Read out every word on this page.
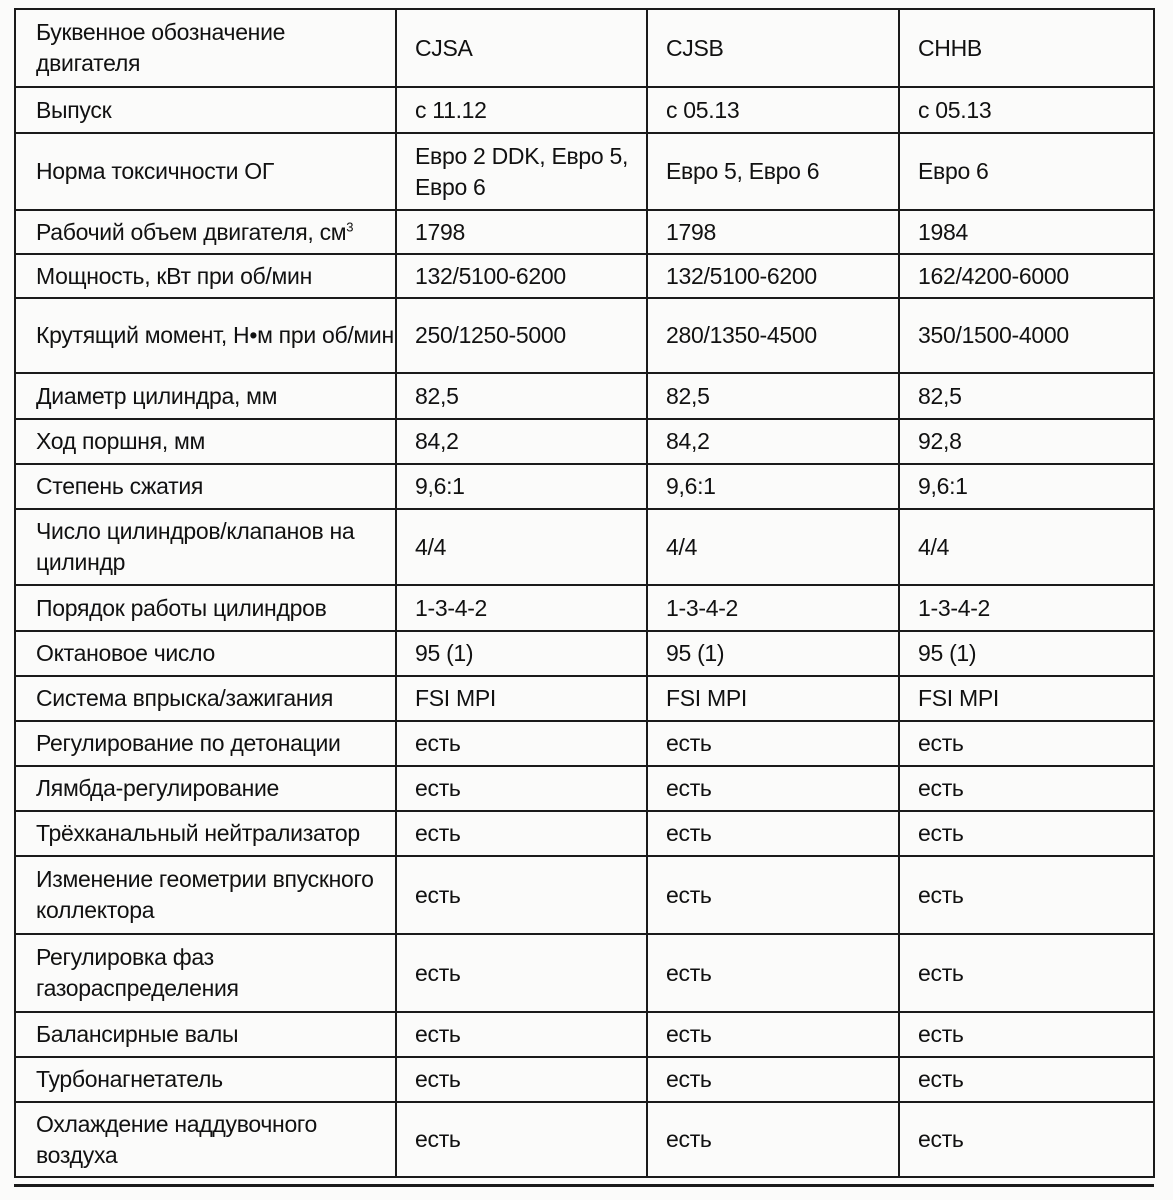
Буквенное обозначение двигателя	CJSA	CJSB	CHHB
Выпуск	с 11.12	с 05.13	с 05.13
Норма токсичности ОГ	Евро 2 DDK, Евро 5, Евро 6	Евро 5, Евро 6	Евро 6
Рабочий объем двигателя, $см^3$	1798	1798	1984
Мощность, кВт при об/мин	132/5100-6200	132/5100-6200	162/4200-6000
Крутящий момент, Н•м при об/мин	250/1250-5000	280/1350-4500	350/1500-4000
Диаметр цилиндра, мм	82,5	82,5	82,5
Ход поршня, мм	84,2	84,2	92,8
Степень сжатия	9,6:1	9,6:1	9,6:1
Число цилиндров/клапанов на цилиндр	4/4	4/4	4/4
Порядок работы цилиндров	1-3-4-2	1-3-4-2	1-3-4-2
Октановое число	95 (1)	95 (1)	95 (1)
Система впрыска/зажигания	FSI MPI	FSI MPI	FSI MPI
Регулирование по детонации	есть	есть	есть
Лямбда-регулирование	есть	есть	есть
Трёхканальный нейтрализатор	есть	есть	есть
Изменение геометрии впускного коллектора	есть	есть	есть
Регулировка фаз газораспределения	есть	есть	есть
Балансирные валы	есть	есть	есть
Турбонагнетатель	есть	есть	есть
Охлаждение наддувочного воздуха	есть	есть	есть
